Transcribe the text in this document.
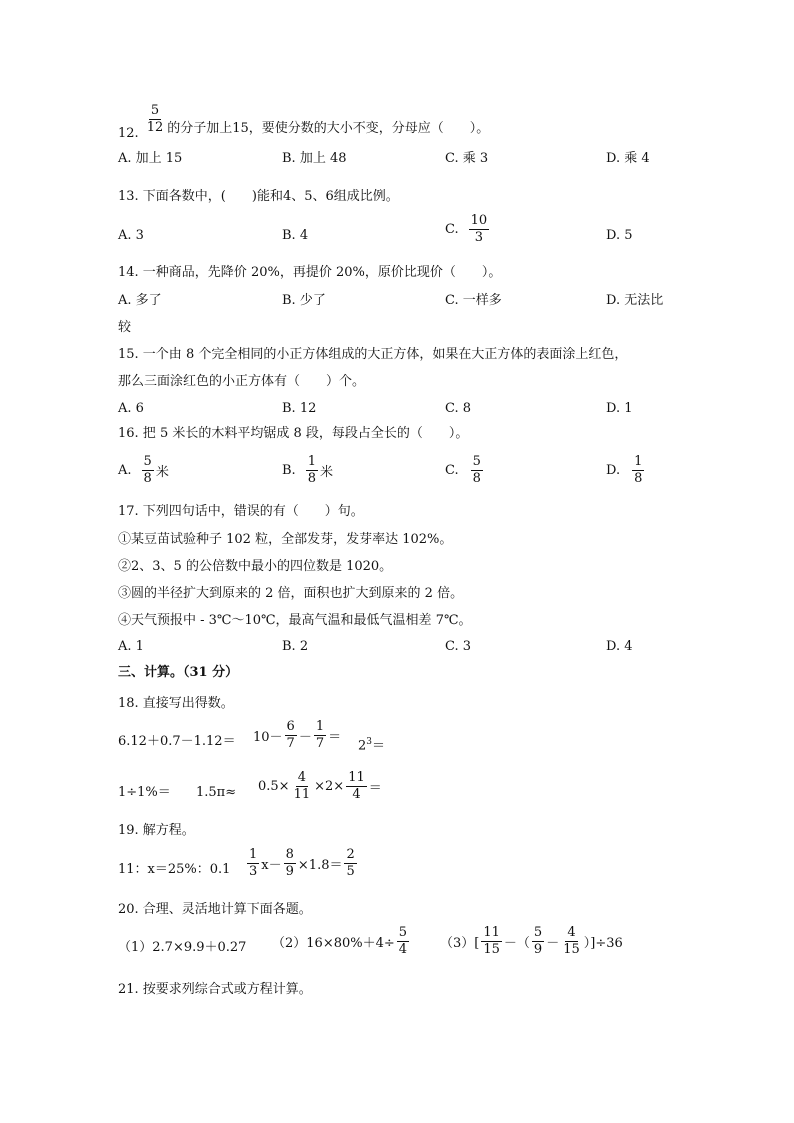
12. $\frac{5}{12}$ 的分子加上15，要使分数的大小不变，分母应（　　）。
A. 加上 15	B. 加上 48	C. 乘 3	D. 乘 4
13. 下面各数中，(　　)能和4、5、6组成比例。
A. 3	B. 4	C. $\frac{10}{3}$	D. 5
14. 一种商品，先降价 20%，再提价 20%，原价比现价（　　）。
A. 多了	B. 少了	C. 一样多	D. 无法比
较
15. 一个由 8 个完全相同的小正方体组成的大正方体，如果在大正方体的表面涂上红色，
那么三面涂红色的小正方体有（　　）个。
A. 6	B. 12	C. 8	D. 1
16. 把 5 米长的木料平均锯成 8 段，每段占全长的（　　）。
A. $\frac{5}{8}$ 米	B. $\frac{1}{8}$ 米	C. $\frac{5}{8}$	D. $\frac{1}{8}$
17. 下列四句话中，错误的有（　　）句。
①某豆苗试验种子 102 粒，全部发芽，发芽率达 102%。
②2、3、5 的公倍数中最小的四位数是 1020。
③圆的半径扩大到原来的 2 倍，面积也扩大到原来的 2 倍。
④天气预报中 - 3℃～10℃，最高气温和最低气温相差 7℃。
A. 1	B. 2	C. 3	D. 4
三、计算。（31 分）
18. 直接写出得数。
$6.12+0.7-1.12= 10- \frac{6}{7} - \frac{1}{7}$ ＝
$2^3=$
$1\div 1\%= 1.5\pi\approx 0.5\times \frac{4}{11} \times 2\times \frac{11}{4}$ ＝
19. 解方程。
11：x＝25%：$0.1 \frac{1}{3} x- \frac{8}{9} \times 1.8= \frac{2}{5}$
20. 合理、灵活地计算下面各题。
（1）2.7×9.9＋0.27 $(2)16\times 80\%+4\div \frac{5}{4} (3)[ \frac{11}{15}$ －（ $\frac{5}{9} - \frac{4}{15} )]\div 36$
21. 按要求列综合式或方程计算。
